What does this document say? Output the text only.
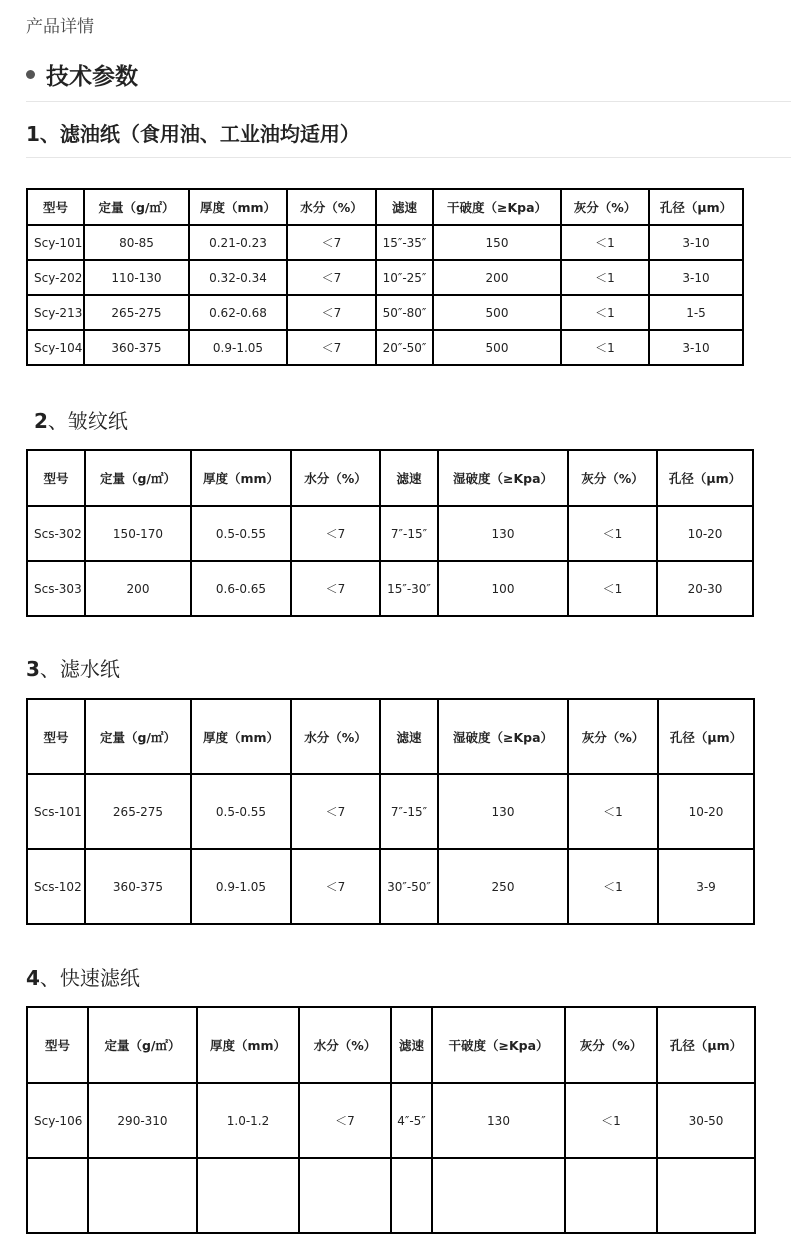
产品详情
技术参数
1、滤油纸（食用油、工业油均适用）
型号	定量（g/㎡）	厚度（mm）	水分（%）	滤速	干破度（≥Kpa）	灰分（%）	孔径（μm）
Scy-101	80-85	0.21-0.23	＜7	15″-35″	150	＜1	3-10
Scy-202	110-130	0.32-0.34	＜7	10″-25″	200	＜1	3-10
Scy-213	265-275	0.62-0.68	＜7	50″-80″	500	＜1	1-5
Scy-104	360-375	0.9-1.05	＜7	20″-50″	500	＜1	3-10
2、皱纹纸
型号	定量（g/㎡）	厚度（mm）	水分（%）	滤速	湿破度（≥Kpa）	灰分（%）	孔径（μm）
Scs-302	150-170	0.5-0.55	＜7	7″-15″	130	＜1	10-20
Scs-303	200	0.6-0.65	＜7	15″-30″	100	＜1	20-30
3、滤水纸
型号	定量（g/㎡）	厚度（mm）	水分（%）	滤速	湿破度（≥Kpa）	灰分（%）	孔径（μm）
Scs-101	265-275	0.5-0.55	＜7	7″-15″	130	＜1	10-20
Scs-102	360-375	0.9-1.05	＜7	30″-50″	250	＜1	3-9
4、快速滤纸
型号	定量（g/㎡）	厚度（mm）	水分（%）	滤速	干破度（≥Kpa）	灰分（%）	孔径（μm）
Scy-106	290-310	1.0-1.2	＜7	4″-5″	130	＜1	30-50
